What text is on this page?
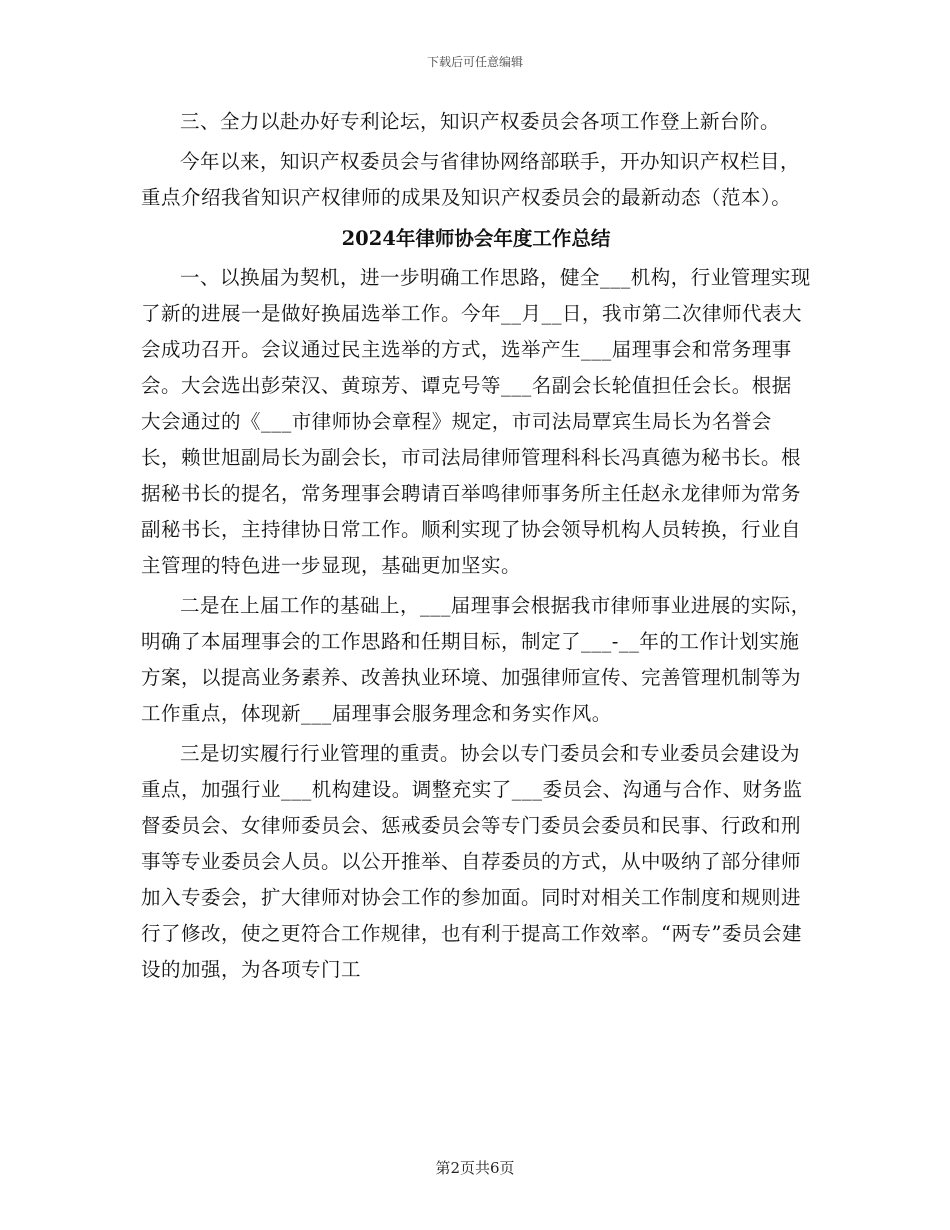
下载后可任意编辑

三、全力以赴办好专利论坛，知识产权委员会各项工作登上新台阶。

今年以来，知识产权委员会与省律协网络部联手，开办知识产权栏目，重点介绍我省知识产权律师的成果及知识产权委员会的最新动态（范本）。

2024年律师协会年度工作总结

一、以换届为契机，进一步明确工作思路，健全___机构，行业管理实现了新的进展一是做好换届选举工作。今年__月__日，我市第二次律师代表大会成功召开。会议通过民主选举的方式，选举产生___届理事会和常务理事会。大会选出彭荣汉、黄琼芳、谭克号等___名副会长轮值担任会长。根据大会通过的《___市律师协会章程》规定，市司法局覃宾生局长为名誉会长，赖世旭副局长为副会长，市司法局律师管理科科长冯真德为秘书长。根据秘书长的提名，常务理事会聘请百举鸣律师事务所主任赵永龙律师为常务副秘书长，主持律协日常工作。顺利实现了协会领导机构人员转换，行业自主管理的特色进一步显现，基础更加坚实。

二是在上届工作的基础上，___届理事会根据我市律师事业进展的实际，明确了本届理事会的工作思路和任期目标，制定了___-__年的工作计划实施方案，以提高业务素养、改善执业环境、加强律师宣传、完善管理机制等为工作重点，体现新___届理事会服务理念和务实作风。

三是切实履行行业管理的重责。协会以专门委员会和专业委员会建设为重点，加强行业___机构建设。调整充实了___委员会、沟通与合作、财务监督委员会、女律师委员会、惩戒委员会等专门委员会委员和民事、行政和刑事等专业委员会人员。以公开推举、自荐委员的方式，从中吸纳了部分律师加入专委会，扩大律师对协会工作的参加面。同时对相关工作制度和规则进行了修改，使之更符合工作规律，也有利于提高工作效率。“两专”委员会建设的加强，为各项专门工

第2页共6页
